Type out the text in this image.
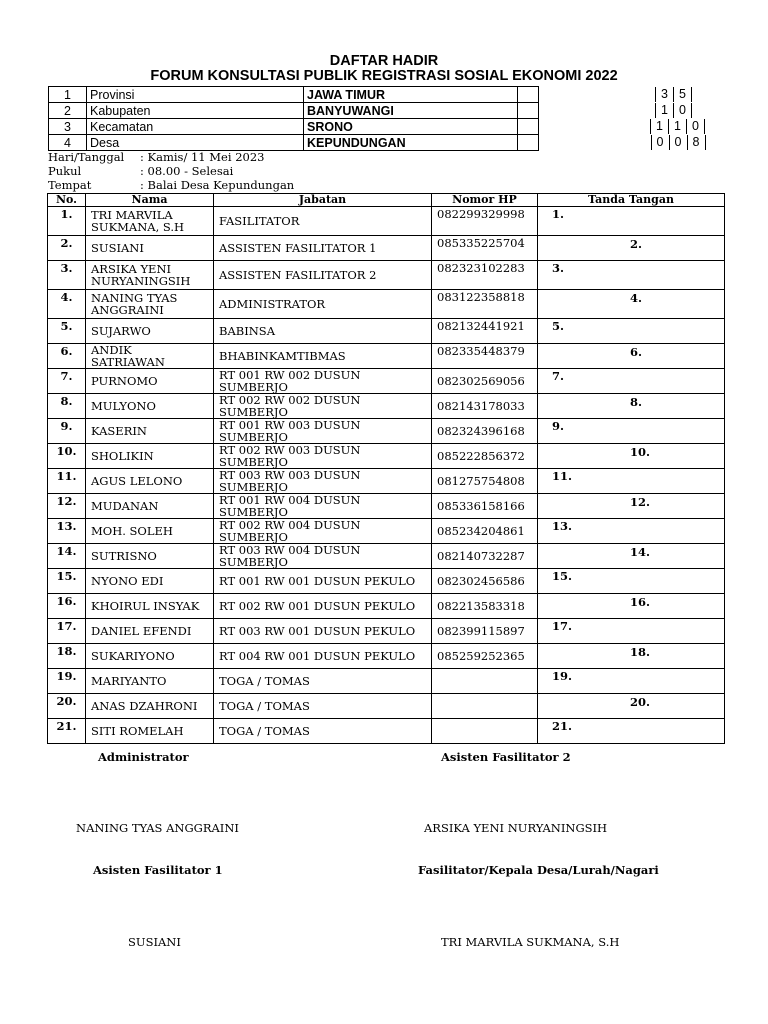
DAFTAR HADIR
FORUM KONSULTASI PUBLIK REGISTRASI SOSIAL EKONOMI 2022
1	Provinsi	JAWA TIMUR		3 5
2	Kabupaten	BANYUWANGI		1 0
3	Kecamatan	SRONO		1 1 0
4	Desa	KEPUNDUNGAN		0 0 8
Hari/Tanggal : Kamis/ 11 Mei 2023
Pukul	: 08.00 - Selesai
Tempat	: Balai Desa Kepundungan
No.	Nama	Jabatan	Nomor HP	Tanda Tangan
1.	TRI MARVILA SUKMANA, S.H	FASILITATOR	082299329998	1.

2.	SUSIANI	ASSISTEN FASILITATOR 1	085335225704	2.

3.	ARSIKA YENI NURYANINGSIH	ASSISTEN FASILITATOR 2	082323102283	3.

4.	NANING TYAS ANGGRAINI	ADMINISTRATOR	083122358818	4.

5.	SUJARWO	BABINSA	082132441921	5.

6.	ANDIK SATRIAWAN	BHABINKAMTIBMAS	082335448379	6.

7.	PURNOMO	RT 001 RW 002 DUSUN SUMBERJO	082302569056	7.

8.	MULYONO	RT 002 RW 002 DUSUN SUMBERJO	082143178033	8.

9.	KASERIN	RT 001 RW 003 DUSUN SUMBERJO	082324396168	9.

10.	SHOLIKIN	RT 002 RW 003 DUSUN SUMBERJO	085222856372	10.

11.	AGUS LELONO	RT 003 RW 003 DUSUN SUMBERJO	081275754808	11.

12.	MUDANAN	RT 001 RW 004 DUSUN SUMBERJO	085336158166	12.

13.	MOH. SOLEH	RT 002 RW 004 DUSUN SUMBERJO	085234204861	13.

14.	SUTRISNO	RT 003 RW 004 DUSUN SUMBERJO	082140732287	14.

15.	NYONO EDI	RT 001 RW 001 DUSUN PEKULO	082302456586	15.

16.	KHOIRUL INSYAK	RT 002 RW 001 DUSUN PEKULO	082213583318	16.

17.	DANIEL EFENDI	RT 003 RW 001 DUSUN PEKULO	082399115897	17.

18.	SUKARIYONO	RT 004 RW 001 DUSUN PEKULO	085259252365	18.

19.	MARIYANTO	TOGA / TOMAS		19.

20.	ANAS DZAHRONI	TOGA / TOMAS		20.

21.	SITI ROMELAH	TOGA / TOMAS		21.
Administrator	Asisten Fasilitator 2
NANING TYAS ANGGRAINI	ARSIKA YENI NURYANINGSIH
Asisten Fasilitator 1	Fasilitator/Kepala Desa/Lurah/Nagari
SUSIANI	TRI MARVILA SUKMANA, S.H
